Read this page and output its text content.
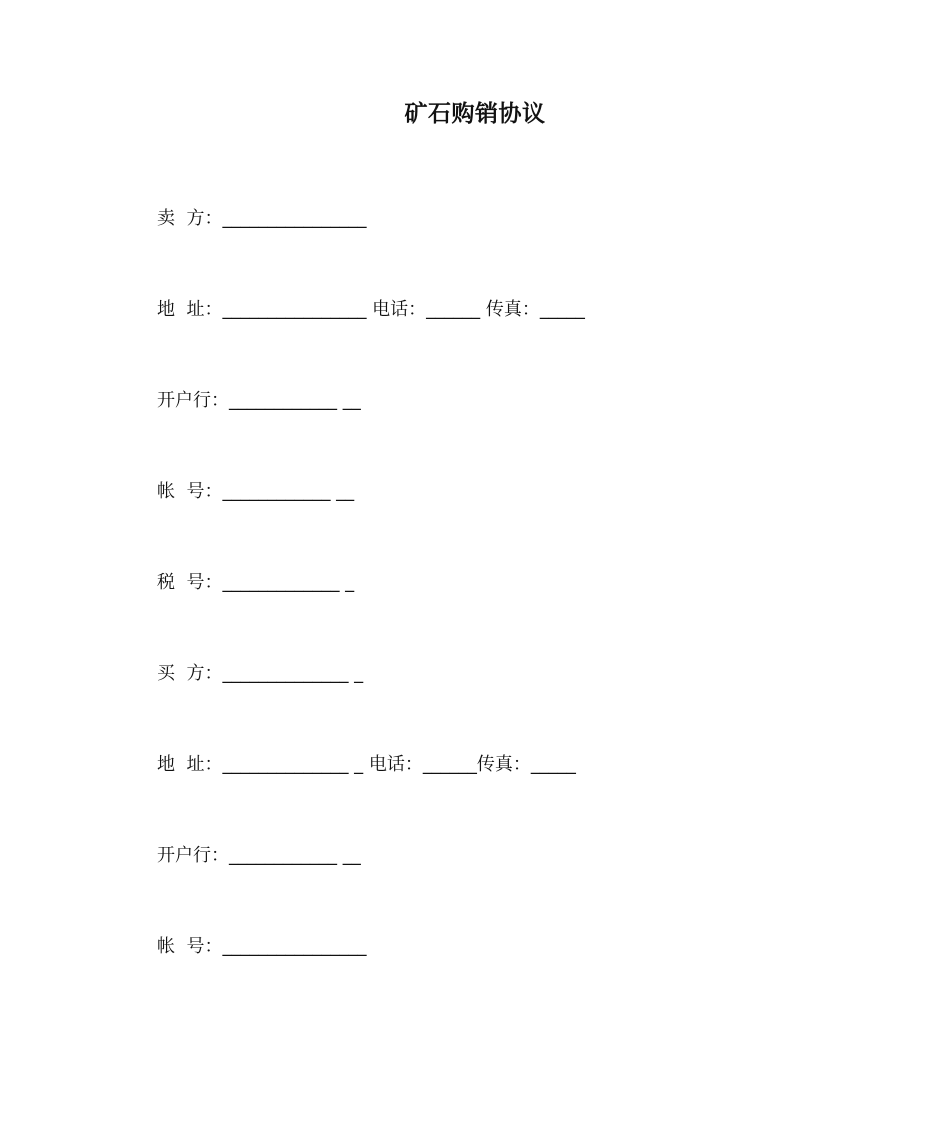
矿石购销协议

卖  方：________________

地  址：________________ 电话：______ 传真：_____

开户行：____________ __

帐  号：____________ __

税  号：_____________ _

买  方：______________ _

地  址：______________ _ 电话：______传真：_____

开户行：____________ __

帐  号：________________
